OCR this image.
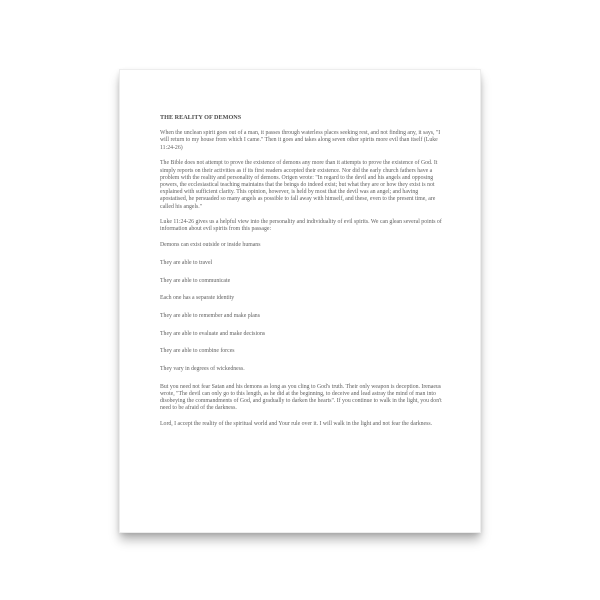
THE REALITY OF DEMONS

When the unclean spirit goes out of a man, it passes through waterless places seeking rest, and not finding any, it says, "I will return to my house from which I came." Then it goes and takes along seven other spirits more evil than itself (Luke 11:24-26)

The Bible does not attempt to prove the existence of demons any more than it attempts to prove the existence of God. It simply reports on their activities as if its first readers accepted their existence. Nor did the early church fathers have a problem with the reality and personality of demons. Origen wrote: "In regard to the devil and his angels and opposing powers, the ecclesiastical teaching maintains that the beings do indeed exist; but what they are or how they exist is not explained with sufficient clarity. This opinion, however, is held by most that the devil was an angel; and having apostatised, he persuaded so many angels as possible to fall away with himself, and these, even to the present time, are called his angels."

Luke 11:24-26 gives us a helpful view into the personality and individuality of evil spirits. We can glean several points of information about evil spirits from this passage:

Demons can exist outside or inside humans

They are able to travel

They are able to communicate

Each one has a separate identity

They are able to remember and make plans

They are able to evaluate and make decisions

They are able to combine forces

They vary in degrees of wickedness.

But you need not fear Satan and his demons as long as you cling to God's truth. Their only weapon is deception. Irenaeus wrote, "The devil can only go to this length, as he did at the beginning, to deceive and lead astray the mind of man into disobeying the commandments of God, and gradually to darken the hearts". If you continue to walk in the light, you don't need to be afraid of the darkness.

Lord, I accept the reality of the spiritual world and Your rule over it. I will walk in the light and not fear the darkness.
